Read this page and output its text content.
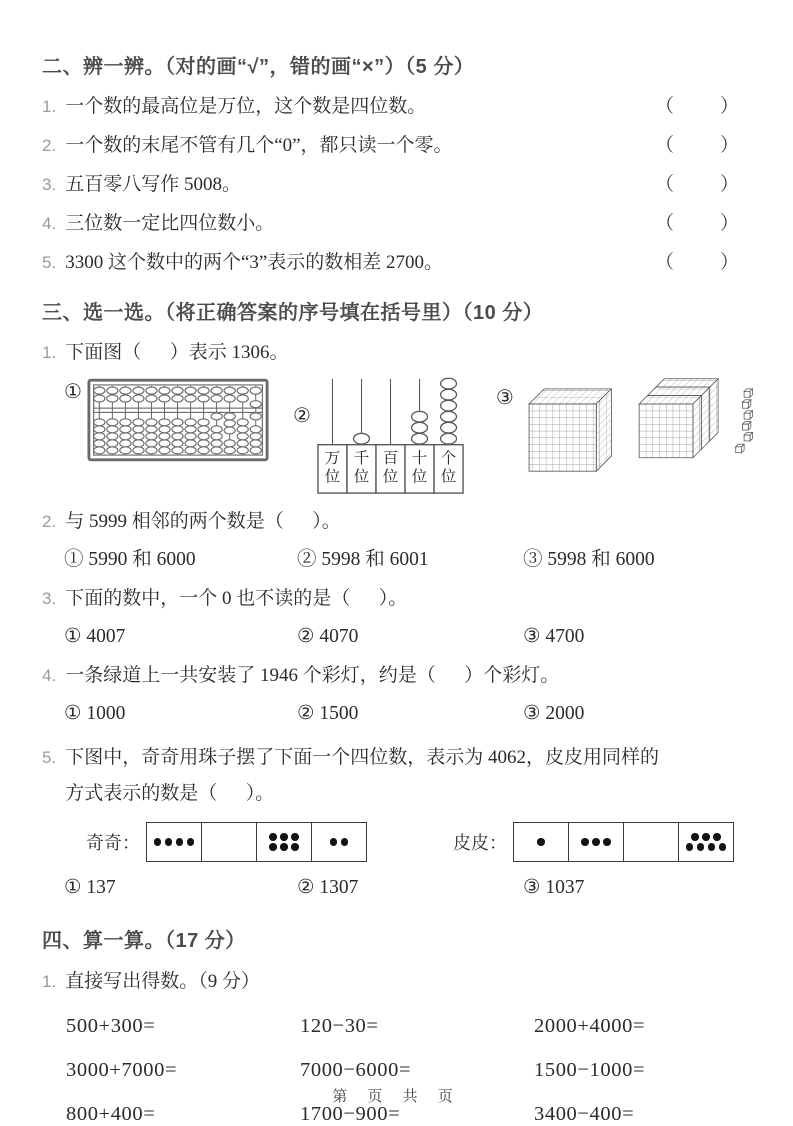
二、辨一辨。（对的画“√”，错的画“×”）（5 分）
1. 一个数的最高位是万位，这个数是四位数。	（ ）
2. 一个数的末尾不管有几个“0”，都只读一个零。	（ ）
3. 五百零八写作 5008。	（ ）
4. 三位数一定比四位数小。	（ ）
5. 3300 这个数中的两个“3”表示的数相差 2700。	（ ）
三、选一选。（将正确答案的序号填在括号里）（10 分）
1. 下面图（      ）表示 1306。
①
②
万
位
千
位
百
位
十
位
个
位
③
2. 与 5999 相邻的两个数是（      ）。
① 5990 和 6000	② 5998 和 6001	③ 5998 和 6000
3. 下面的数中，一个 0 也不读的是（      ）。
① 4007	② 4070	③ 4700
4. 一条绿道上一共安装了 1946 个彩灯，约是（      ）个彩灯。
① 1000	② 1500	③ 2000
5. 下图中，奇奇用珠子摆了下面一个四位数，表示为 4062，皮皮用同样的
方式表示的数是（      ）。
奇奇：	皮皮：
① 137	② 1307	③ 1037
四、算一算。（17 分）
1. 直接写出得数。（9 分）
500+300=	120−30=	2000+4000=
3000+7000=	7000−6000=	1500−1000=
800+400=	1700−900=	3400−400=
第 页 共 页
